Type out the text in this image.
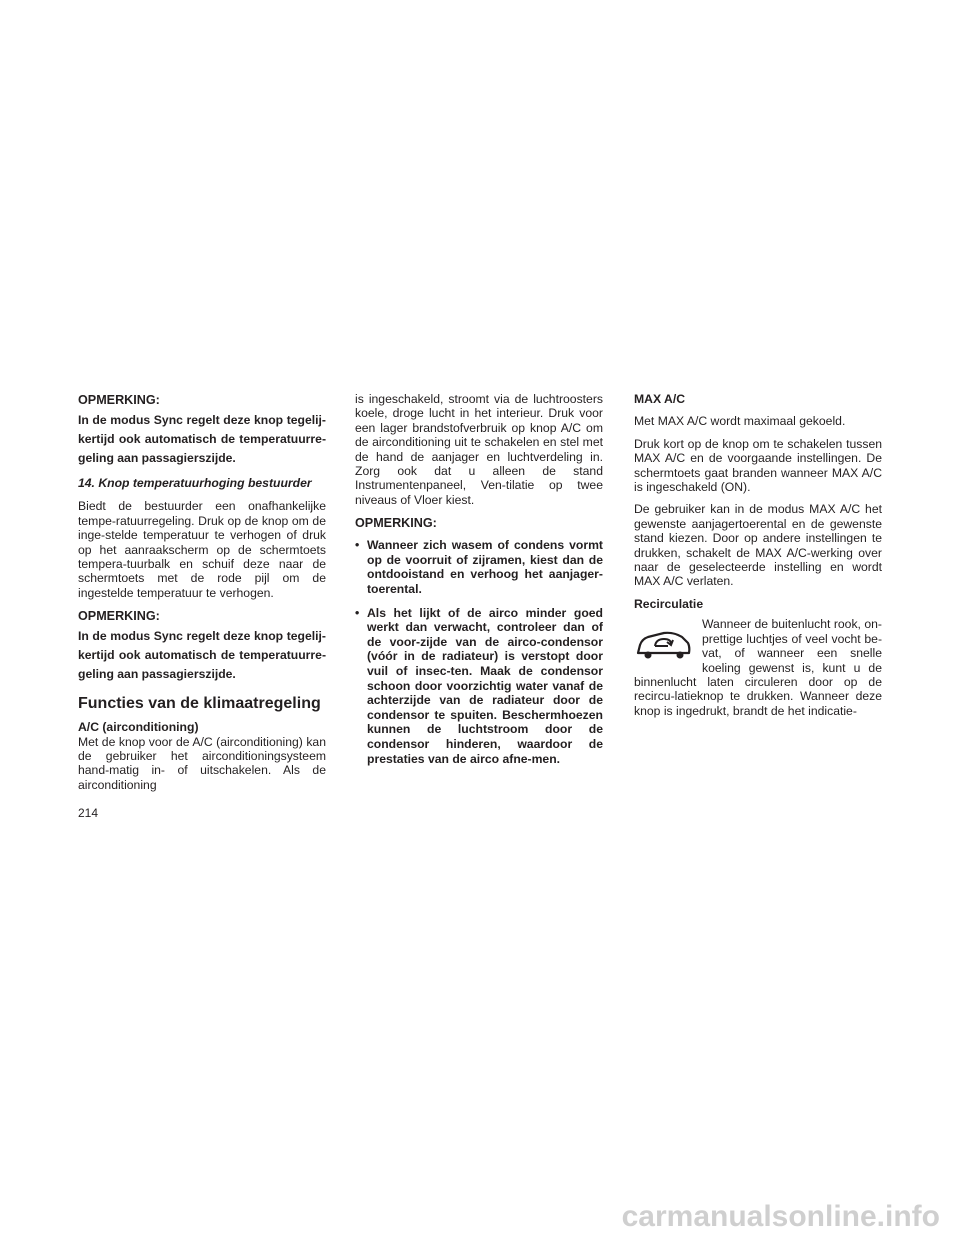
OPMERKING:

In de modus Sync regelt deze knop tegelij-kertijd ook automatisch de temperatuurre-geling aan passagierszijde.

14. Knop temperatuurhoging bestuurder

Biedt de bestuurder een onafhankelijke tempe-ratuurregeling. Druk op de knop om de inge-stelde temperatuur te verhogen of druk op het aanraakscherm op de schermtoets tempera-tuurbalk en schuif deze naar de schermtoets met de rode pijl om de ingestelde temperatuur te verhogen.

OPMERKING:

In de modus Sync regelt deze knop tegelij-kertijd ook automatisch de temperatuurre-geling aan passagierszijde.

Functies van de klimaatregeling

A/C (airconditioning)

Met de knop voor de A/C (airconditioning) kan de gebruiker het airconditioningsysteem hand-matig in- of uitschakelen. Als de airconditioning

is ingeschakeld, stroomt via de luchtroosters koele, droge lucht in het interieur. Druk voor een lager brandstofverbruik op knop A/C om de airconditioning uit te schakelen en stel met de hand de aanjager en luchtverdeling in. Zorg ook dat u alleen de stand Instrumentenpaneel, Ven-tilatie op twee niveaus of Vloer kiest.

OPMERKING:

• Wanneer zich wasem of condens vormt op de voorruit of zijramen, kiest dan de ontdooistand en verhoog het aanjager-toerental.
• Als het lijkt of de airco minder goed werkt dan verwacht, controleer dan of de voor-zijde van de airco-condensor (vóór in de radiateur) is verstopt door vuil of insec-ten. Maak de condensor schoon door voorzichtig water vanaf de achterzijde van de radiateur door de condensor te spuiten. Beschermhoezen kunnen de luchtstroom door de condensor hinderen, waardoor de prestaties van de airco afne-men.

MAX A/C

Met MAX A/C wordt maximaal gekoeld.

Druk kort op de knop om te schakelen tussen MAX A/C en de voorgaande instellingen. De schermtoets gaat branden wanneer MAX A/C is ingeschakeld (ON).

De gebruiker kan in de modus MAX A/C het gewenste aanjagertoerental en de gewenste stand kiezen. Door op andere instellingen te drukken, schakelt de MAX A/C-werking over naar de geselecteerde instelling en wordt MAX A/C verlaten.

Recirculatie

Wanneer de buitenlucht rook, on-prettige luchtjes of veel vocht be-vat, of wanneer een snelle koeling gewenst is, kunt u de binnenlucht laten circuleren door op de recircu-latieknop te drukken. Wanneer deze knop is ingedrukt, brandt de het indicatie-
214
carmanualsonline.info
